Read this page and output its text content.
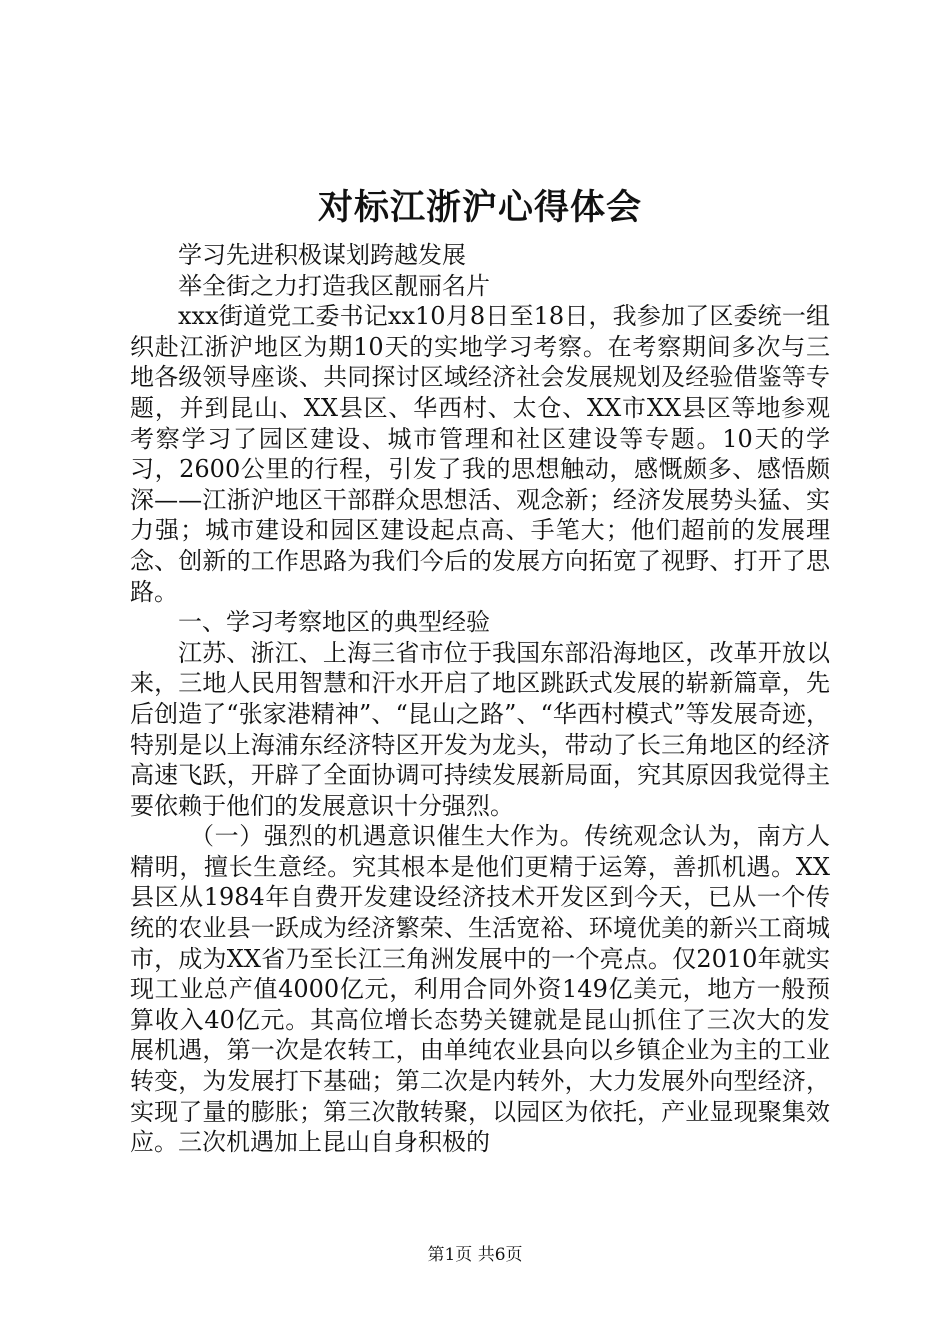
对标江浙沪心得体会

学习先进积极谋划跨越发展

举全街之力打造我区靓丽名片

xxx街道党工委书记xx10月8日至18日，我参加了区委统一组织赴江浙沪地区为期10天的实地学习考察。在考察期间多次与三地各级领导座谈、共同探讨区域经济社会发展规划及经验借鉴等专题，并到昆山、XX县区、华西村、太仓、XX市XX县区等地参观考察学习了园区建设、城市管理和社区建设等专题。10天的学习，2600公里的行程，引发了我的思想触动，感慨颇多、感悟颇深——江浙沪地区干部群众思想活、观念新；经济发展势头猛、实力强；城市建设和园区建设起点高、手笔大；他们超前的发展理念、创新的工作思路为我们今后的发展方向拓宽了视野、打开了思路。

一、学习考察地区的典型经验

江苏、浙江、上海三省市位于我国东部沿海地区，改革开放以来，三地人民用智慧和汗水开启了地区跳跃式发展的崭新篇章，先后创造了“张家港精神”、“昆山之路”、“华西村模式”等发展奇迹，特别是以上海浦东经济特区开发为龙头，带动了长三角地区的经济高速飞跃，开辟了全面协调可持续发展新局面，究其原因我觉得主要依赖于他们的发展意识十分强烈。

（一）强烈的机遇意识催生大作为。传统观念认为，南方人精明，擅长生意经。究其根本是他们更精于运筹，善抓机遇。XX县区从1984年自费开发建设经济技术开发区到今天，已从一个传统的农业县一跃成为经济繁荣、生活宽裕、环境优美的新兴工商城市，成为XX省乃至长江三角洲发展中的一个亮点。仅2010年就实现工业总产值4000亿元，利用合同外资149亿美元，地方一般预算收入40亿元。其高位增长态势关键就是昆山抓住了三次大的发展机遇，第一次是农转工，由单纯农业县向以乡镇企业为主的工业转变，为发展打下基础；第二次是内转外，大力发展外向型经济，实现了量的膨胀；第三次散转聚，以园区为依托，产业显现聚集效应。三次机遇加上昆山自身积极的

第1页 共6页
